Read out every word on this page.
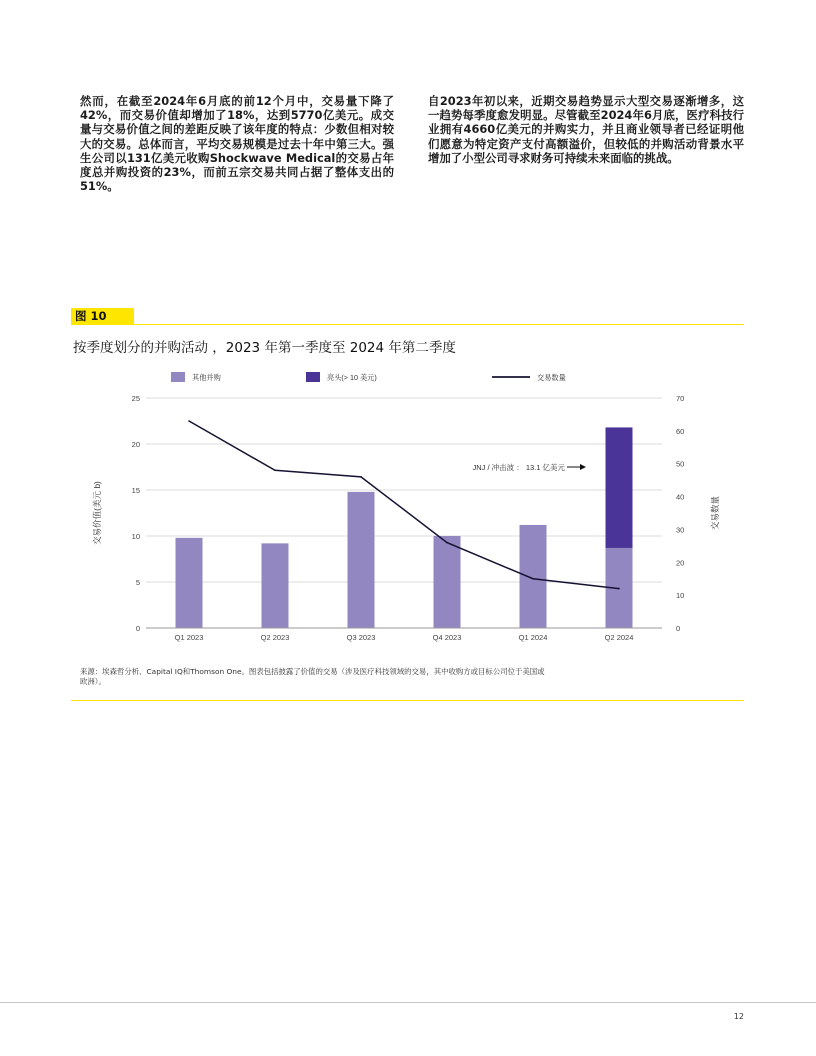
然而，在截至2024年6月底的前12个月中，交易量下降了42%，而交易价值却增加了18%，达到5770亿美元。成交量与交易价值之间的差距反映了该年度的特点：少数但相对较大的交易。总体而言，平均交易规模是过去十年中第三大。强生公司以131亿美元收购Shockwave Medical的交易占年度总并购投资的23%，而前五宗交易共同占据了整体支出的51%。
自2023年初以来，近期交易趋势显示大型交易逐渐增多，这一趋势每季度愈发明显。尽管截至2024年6月底，医疗科技行业拥有4660亿美元的并购实力，并且商业领导者已经证明他们愿意为特定资产支付高额溢价，但较低的并购活动背景水平增加了小型公司寻求财务可持续未来面临的挑战。
图 10
按季度划分的并购活动 ，2023 年第一季度至 2024 年第二季度
其他并购	亮头(> 10 美元)	交易数量
0
5
10
15
20
25
0
10
20
30
40
50
60
70
交易价值(美元 b)	交易数量
Q1 2023	Q2 2023	Q3 2023	Q4 2023	Q1 2024	Q2 2024
JNJ / 冲击波 ： 13.1 亿美元
来源：埃森哲分析、Capital IQ和Thomson One。图表包括披露了价值的交易（涉及医疗科技领域的交易，其中收购方或目标公司位于美国或欧洲）。
12
